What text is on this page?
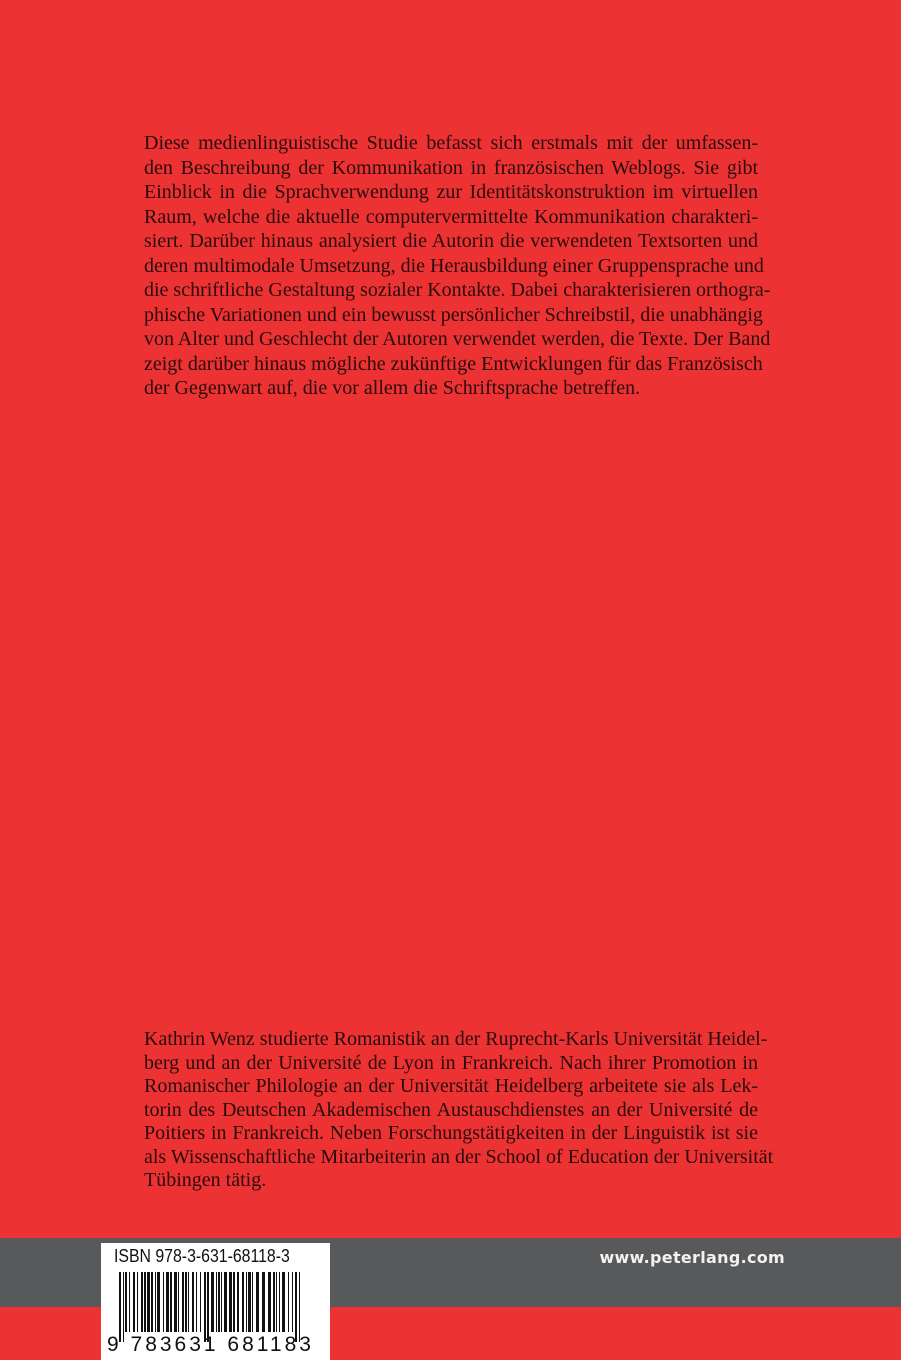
Diese medienlinguistische Studie befasst sich erstmals mit der umfassen-
den Beschreibung der Kommunikation in französischen Weblogs. Sie gibt
Einblick in die Sprachverwendung zur Identitätskonstruktion im virtuellen
Raum, welche die aktuelle computervermittelte Kommunikation charakteri-
siert. Darüber hinaus analysiert die Autorin die verwendeten Textsorten und
deren multimodale Umsetzung, die Herausbildung einer Gruppensprache und
die schriftliche Gestaltung sozialer Kontakte. Dabei charakterisieren orthogra-
phische Variationen und ein bewusst persönlicher Schreibstil, die unabhängig
von Alter und Geschlecht der Autoren verwendet werden, die Texte. Der Band
zeigt darüber hinaus mögliche zukünftige Entwicklungen für das Französisch
der Gegenwart auf, die vor allem die Schriftsprache betreffen.
Kathrin Wenz studierte Romanistik an der Ruprecht-Karls Universität Heidel-
berg und an der Université de Lyon in Frankreich. Nach ihrer Promotion in
Romanischer Philologie an der Universität Heidelberg arbeitete sie als Lek-
torin des Deutschen Akademischen Austauschdienstes an der Université de
Poitiers in Frankreich. Neben Forschungstätigkeiten in der Linguistik ist sie
als Wissenschaftliche Mitarbeiterin an der School of Education der Universität
Tübingen tätig.
www.peterlang.com
ISBN 978-3-631-68118-3
9 783631 681183
